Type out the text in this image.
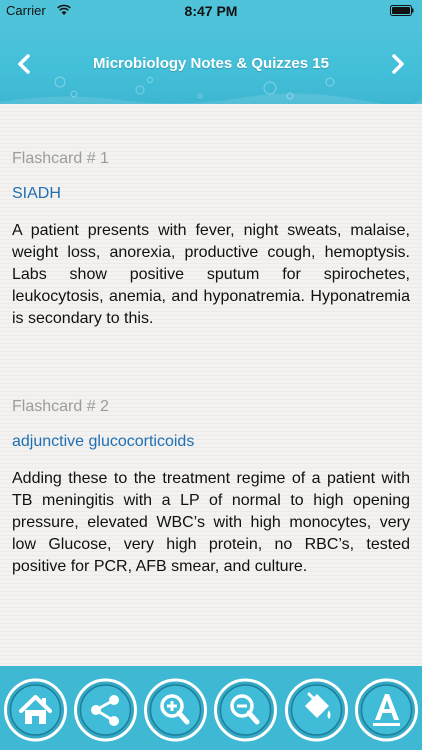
Carrier	8:47 PM
Microbiology Notes & Quizzes 15

Flashcard # 1

SIADH

A patient presents with fever, night sweats, malaise, weight loss, anorexia, productive cough, hemoptysis. Labs show positive sputum for spirochetes, leukocytosis, anemia, and hyponatremia. Hyponatremia is secondary to this.

Flashcard # 2

adjunctive glucocorticoids

Adding these to the treatment regime of a patient with TB meningitis with a LP of normal to high opening pressure, elevated WBC’s with high monocytes, very low Glucose, very high protein, no RBC’s, tested positive for PCR, AFB smear, and culture.
